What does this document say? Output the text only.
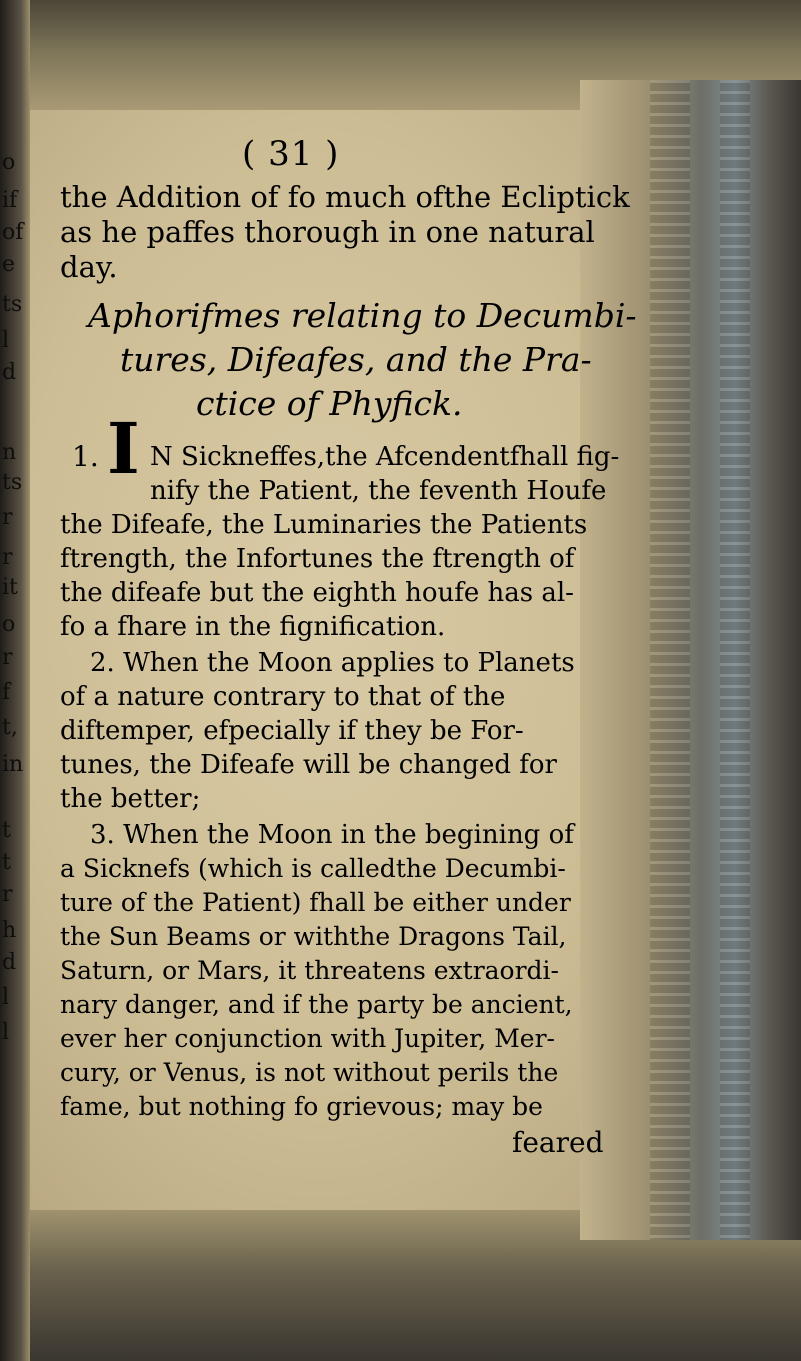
o
if
of
e
ts
l
d
n
ts
r
r
it
o
r
f
t,
in
t
t
r
h
d
l
l
( 31 )
the Addition of fo much ofthe Ecliptick
as he paffes thorough in one natural
day.
Aphorifmes relating to Decumbi-
tures, Difeafes, and the Pra-
ctice of Phyfick.
1. I N Sickneffes,the Afcendentfhall fig-
nify the Patient, the feventh Houfe
the Difeafe, the Luminaries the Patients
ftrength, the Infortunes the ftrength of
the difeafe but the eighth houfe has al-
fo a fhare in the fignification.
2. When the Moon applies to Planets
of a nature contrary to that of the
diftemper, efpecially if they be For-
tunes, the Difeafe will be changed for
the better;
3. When the Moon in the begining of
a Sicknefs (which is calledthe Decumbi-
ture of the Patient) fhall be either under
the Sun Beams or withthe Dragons Tail,
Saturn, or Mars, it threatens extraordi-
nary danger, and if the party be ancient,
ever her conjunction with Jupiter, Mer-
cury, or Venus, is not without perils the
fame, but nothing fo grievous; may be
feared
